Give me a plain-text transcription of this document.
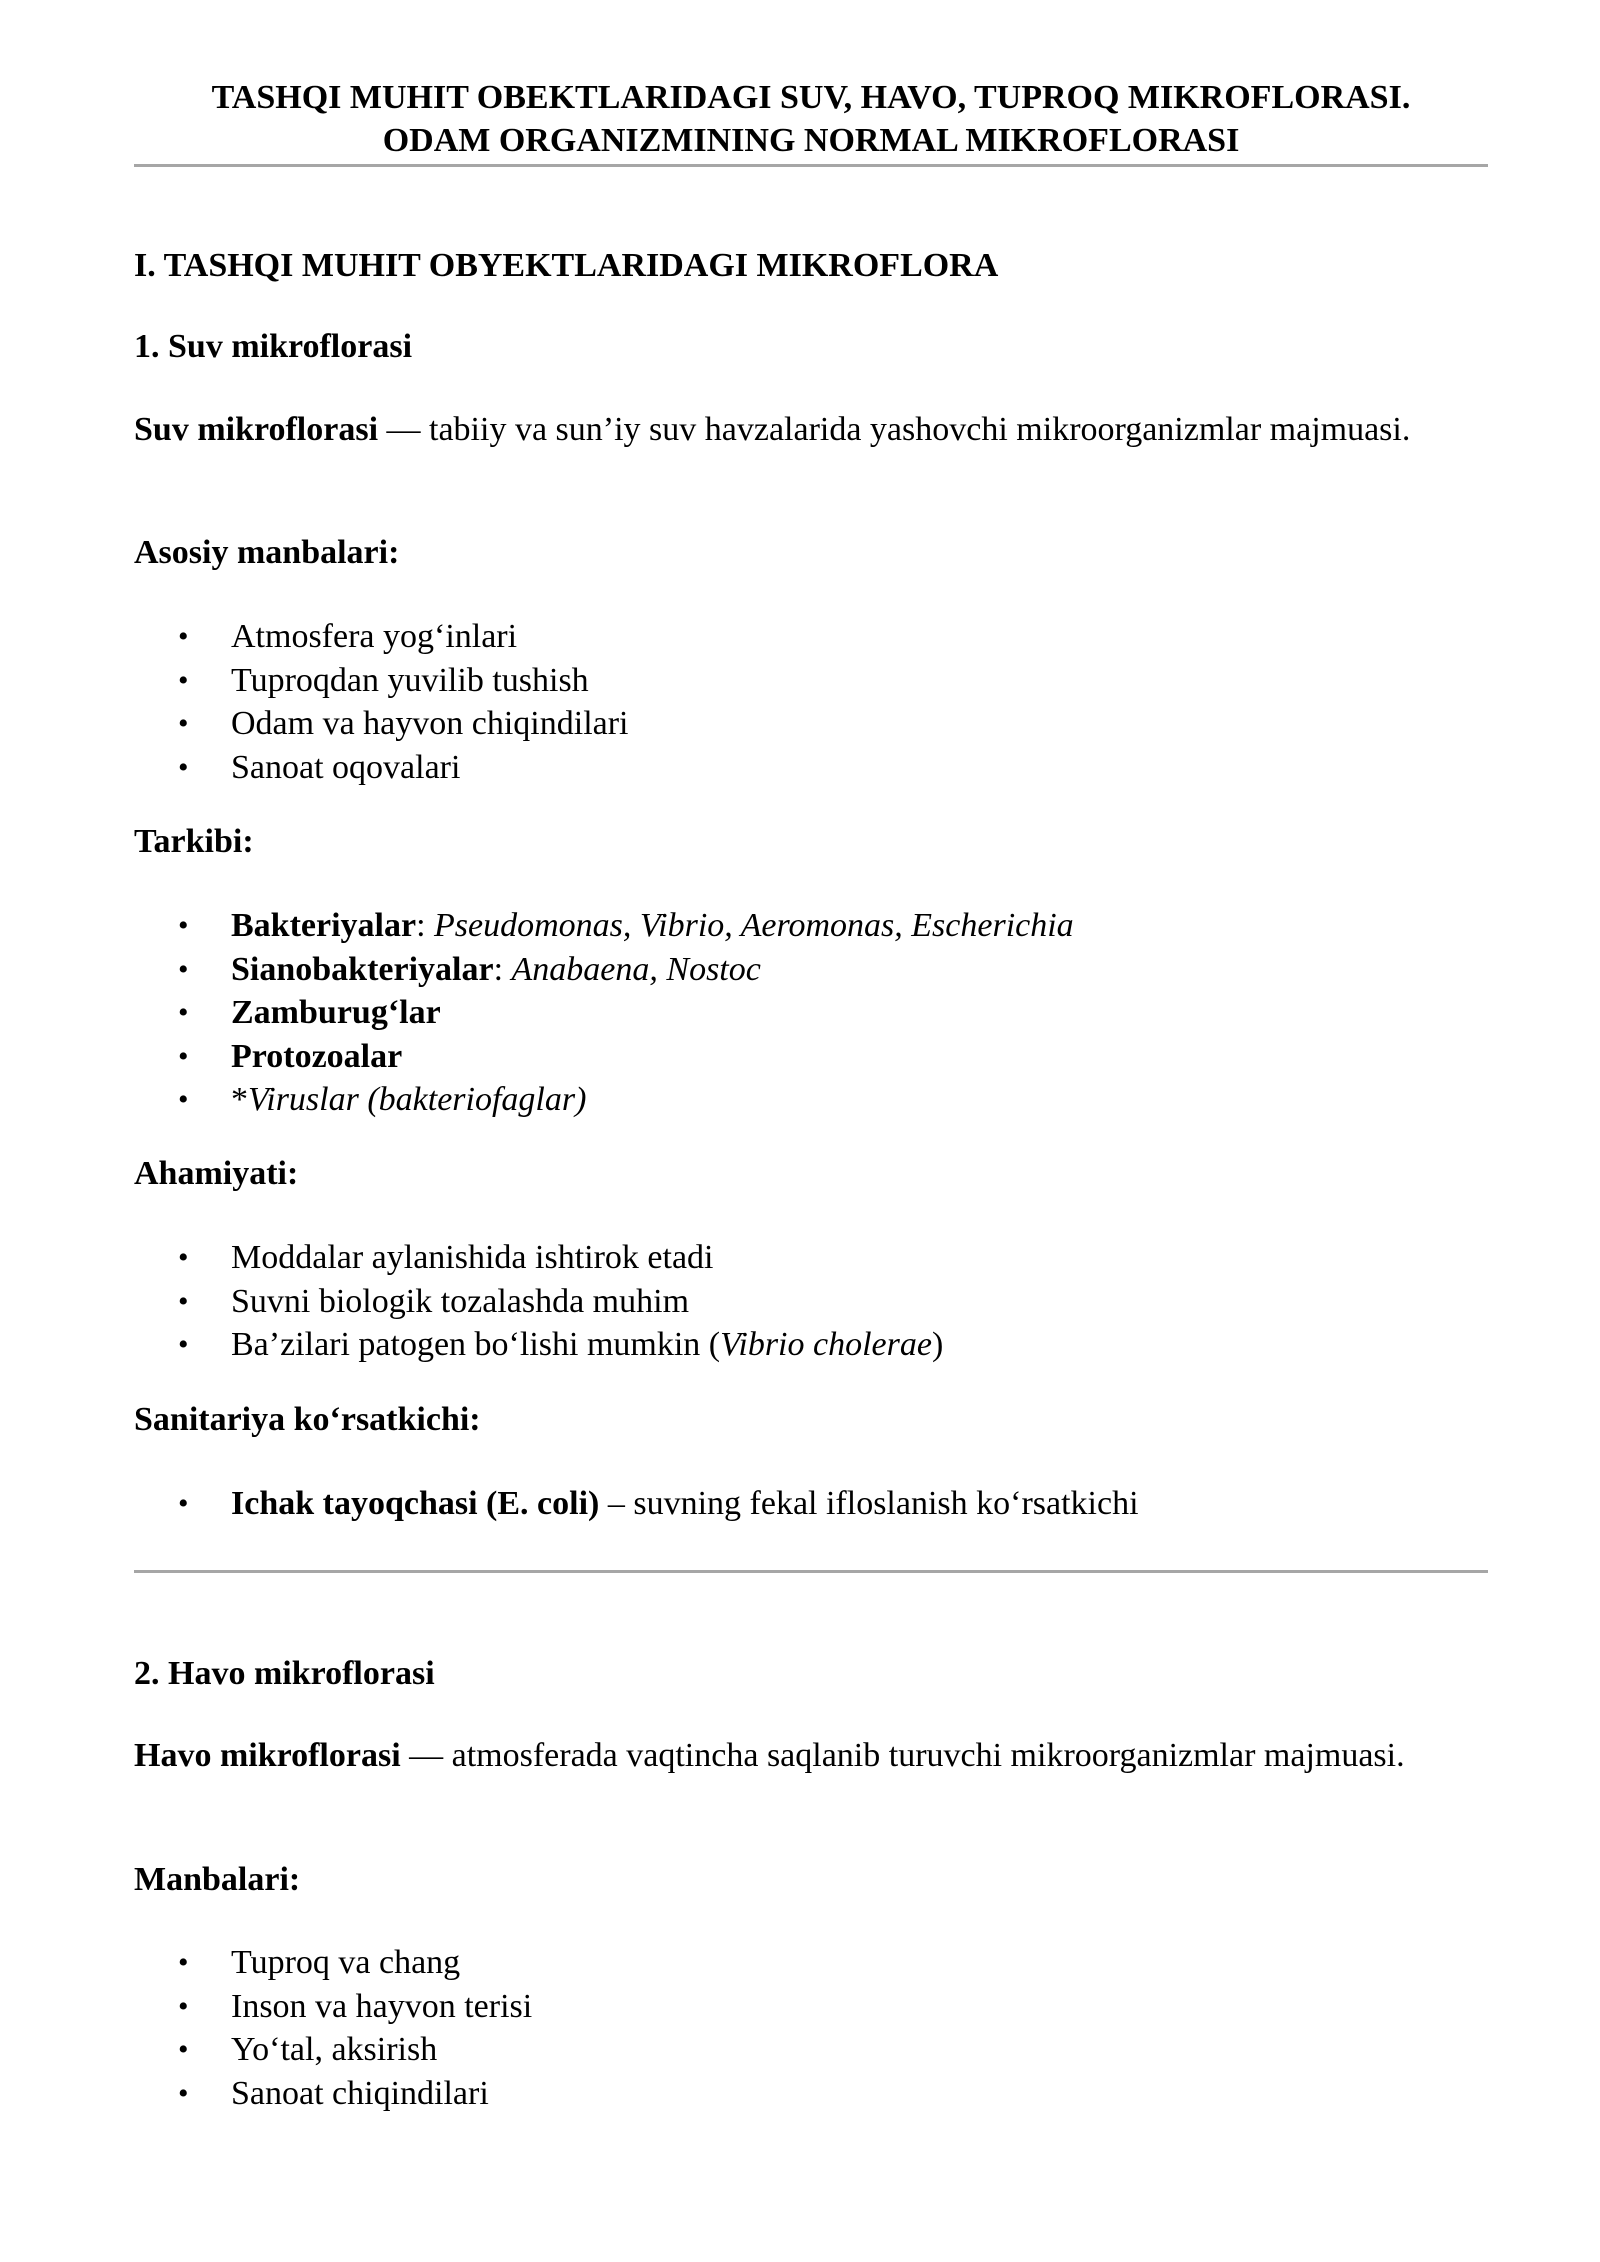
TASHQI MUHIT OBEKTLARIDAGI SUV, HAVO, TUPROQ MIKROFLORASI.
ODAM ORGANIZMINING NORMAL MIKROFLORASI
I. TASHQI MUHIT OBYEKTLARIDAGI MIKROFLORA
1. Suv mikroflorasi

Suv mikroflorasi — tabiiy va sun’iy suv havzalarida yashovchi mikroorganizmlar majmuasi.

Asosiy manbalari:
• Atmosfera yog‘inlari
• Tuproqdan yuvilib tushish
• Odam va hayvon chiqindilari
• Sanoat oqovalari
Tarkibi:
• Bakteriyalar: Pseudomonas, Vibrio, Aeromonas, Escherichia
• Sianobakteriyalar: Anabaena, Nostoc
• Zamburug‘lar
• Protozoalar
• *Viruslar (bakteriofaglar)
Ahamiyati:
• Moddalar aylanishida ishtirok etadi
• Suvni biologik tozalashda muhim
• Ba’zilari patogen bo‘lishi mumkin (Vibrio cholerae)
Sanitariya ko‘rsatkichi:
• Ichak tayoqchasi (E. coli) – suvning fekal ifloslanish ko‘rsatkichi
2. Havo mikroflorasi

Havo mikroflorasi — atmosferada vaqtincha saqlanib turuvchi mikroorganizmlar majmuasi.

Manbalari:
• Tuproq va chang
• Inson va hayvon terisi
• Yo‘tal, aksirish
• Sanoat chiqindilari
